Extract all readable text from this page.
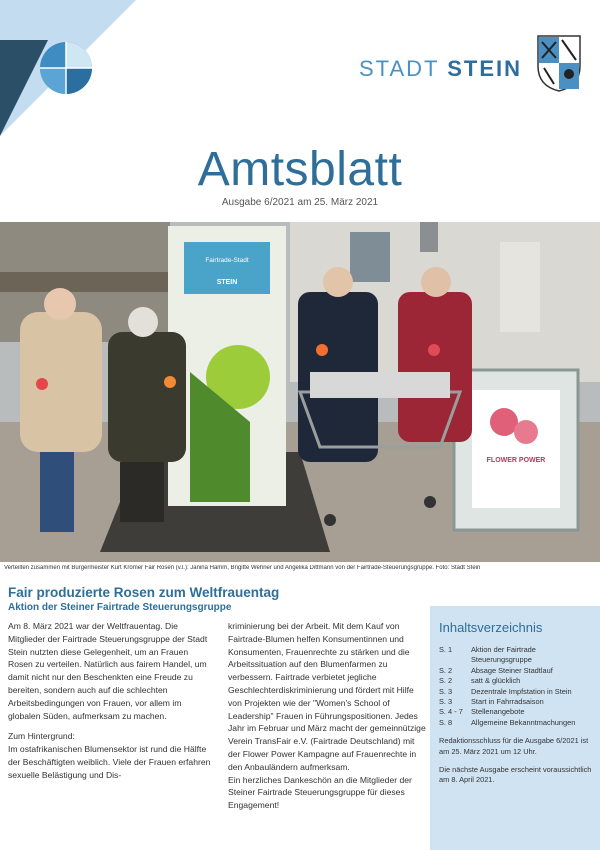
STADT STEIN
Amtsblatt
Ausgabe 6/2021 am 25. März 2021
Fairtrade-Stadt
STEIN
FLOWER POWER
Verteilten zusammen mit Bürgermeister Kurt Krömer Fair Rosen (v.l.): Janina Hamm, Brigitte Wehner und Angelika Dittmann von der Fairtrade-Steuerungsgruppe. Foto: Stadt Stein
Fair produzierte Rosen zum Weltfrauentag
Aktion der Steiner Fairtrade Steuerungsgruppe

Am 8. März 2021 war der Weltfrauentag. Die Mitglieder der Fairtrade Steuerungsgruppe der Stadt Stein nutzten diese Gelegenheit, um an Frauen Rosen zu verteilen. Natürlich aus fairem Handel, um damit nicht nur den Beschenkten eine Freude zu bereiten, sondern auch auf die schlechten Arbeitsbedingungen von Frauen, vor allem im globalen Süden, aufmerksam zu machen.

Zum Hintergrund:
Im ostafrikanischen Blumensektor ist rund die Hälfte der Beschäftigten weiblich. Viele der Frauen erfahren sexuelle Belästigung und Dis-

kriminierung bei der Arbeit. Mit dem Kauf von Fairtrade-Blumen helfen Konsumentinnen und Konsumenten, Frauenrechte zu stärken und die Arbeitssituation auf den Blumenfarmen zu verbessern. Fairtrade verbietet jegliche Geschlechterdiskriminierung und fördert mit Hilfe von Projekten wie der "Women's School of Leadership" Frauen in Führungspositionen. Jedes Jahr im Februar und März macht der gemeinnützige Verein TransFair e.V. (Fairtrade Deutschland) mit der Flower Power Kampagne auf Frauenrechte in den Anbauländern aufmerksam.

Ein herzliches Dankeschön an die Mitglieder der Steiner Fairtrade Steuerungsgruppe für dieses Engagement!

Inhaltsverzeichnis
S. 1	Aktion der Fairtrade Steuerungsgruppe
S. 2	Absage Steiner Stadtlauf
S. 2	satt & glücklich
S. 3	Dezentrale Impfstation in Stein
S. 3	Start in Fahrradsaison
S. 4 - 7	Stellenangebote
S. 8	Allgemeine Bekanntmachungen

Redaktionsschluss für die Ausgabe 6/2021 ist am 25. März 2021 um 12 Uhr.

Die nächste Ausgabe erscheint voraussichtlich am 8. April 2021.
